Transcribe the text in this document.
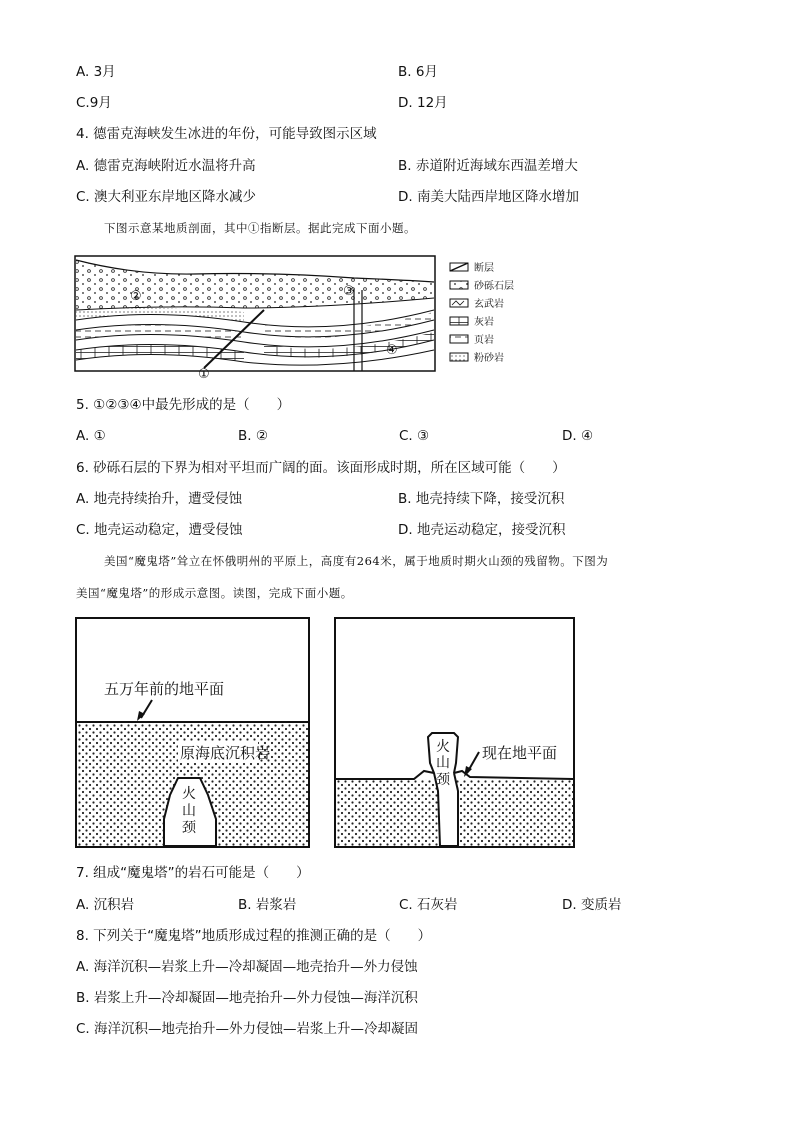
A. 3月	B. 6月
C.9月	D. 12月
4. 德雷克海峡发生冰进的年份，可能导致图示区域
A. 德雷克海峡附近水温将升高	B. 赤道附近海域东西温差增大
C. 澳大利亚东岸地区降水减少	D. 南美大陆西岸地区降水增加
下图示意某地质剖面，其中①指断层。据此完成下面小题。
②	③
④
①
断层
砂砾石层
玄武岩
灰岩
页岩
粉砂岩
5. ①②③④中最先形成的是（　　）
A. ①	B. ②	C. ③	D. ④
6. 砂砾石层的下界为相对平坦而广阔的面。该面形成时期，所在区域可能（　　）
A. 地壳持续抬升，遭受侵蚀	B. 地壳持续下降，接受沉积
C. 地壳运动稳定，遭受侵蚀	D. 地壳运动稳定，接受沉积
美国“魔鬼塔”耸立在怀俄明州的平原上，高度有264米，属于地质时期火山颈的残留物。下图为
美国“魔鬼塔”的形成示意图。读图，完成下面小题。
原海底沉积岩
五万年前的地平面
火
山
颈
火
山
颈
现在地平面
7. 组成“魔鬼塔”的岩石可能是（　　）
A. 沉积岩	B. 岩浆岩	C. 石灰岩	D. 变质岩
8. 下列关于“魔鬼塔”地质形成过程的推测正确的是（　　）
A. 海洋沉积—岩浆上升—冷却凝固—地壳抬升—外力侵蚀
B. 岩浆上升—冷却凝固—地壳抬升—外力侵蚀—海洋沉积
C. 海洋沉积—地壳抬升—外力侵蚀—岩浆上升—冷却凝固
